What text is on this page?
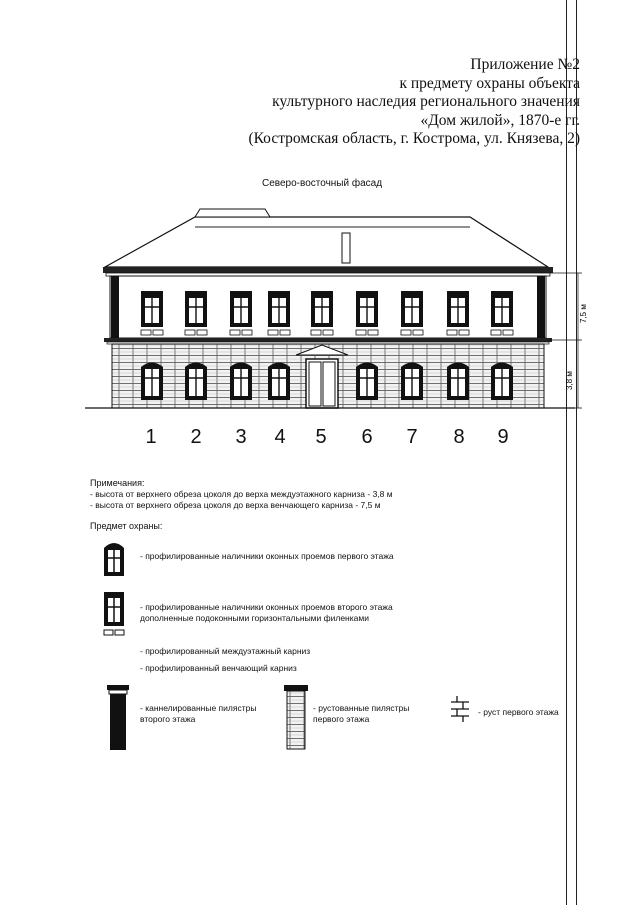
Приложение №2
к предмету охраны объекта
культурного наследия регионального значения
«Дом жилой», 1870-е гг.
(Костромская область, г. Кострома, ул. Князева, 2)
Северо-восточный фасад
7,5 м
3,8 м
1	2	3	4	5	6	7	8	9
Примечания:
- высота от верхнего обреза цоколя до верха междуэтажного карниза - 3,8 м
- высота от верхнего обреза цоколя до верха венчающего карниза - 7,5 м
Предмет охраны:
- профилированные наличники оконных проемов первого этажа
- профилированные наличники оконных проемов второго этажа
дополненные подоконными горизонтальными филенками
- профилированный междуэтажный карниз
- профилированный венчающий карниз
- каннелированные пилястры
второго этажа
- рустованные пилястры
первого этажа
- руст первого этажа
